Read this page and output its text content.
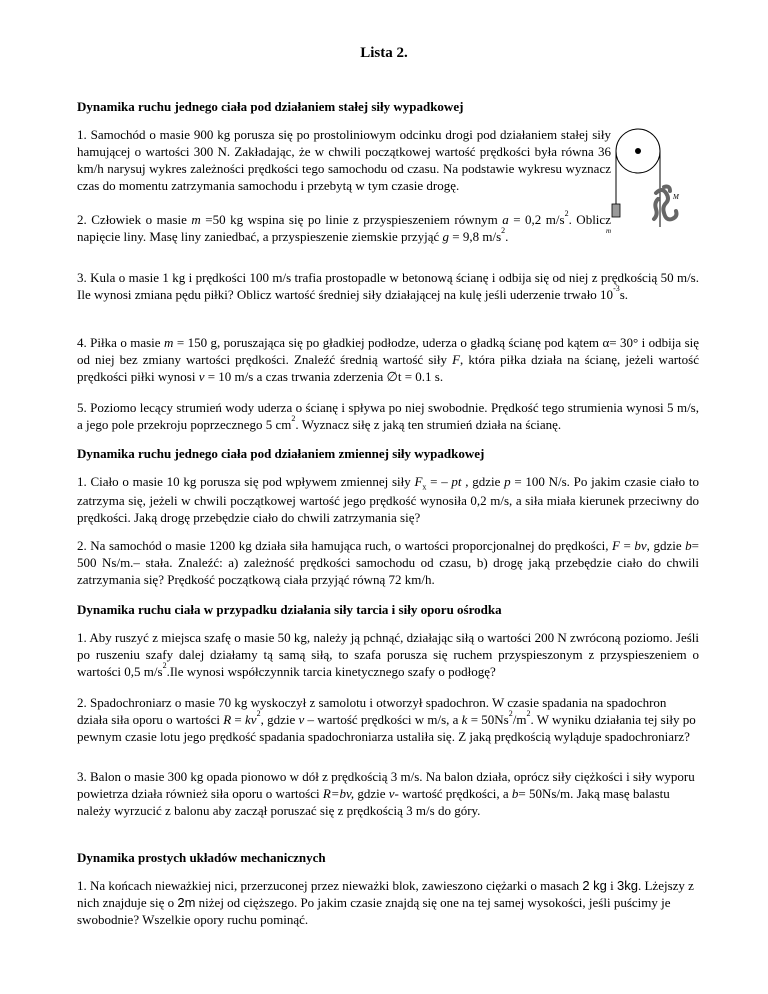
Lista 2.
Dynamika ruchu jednego ciała pod działaniem stałej siły wypadkowej
1. Samochód o masie 900 kg porusza się po prostoliniowym odcinku drogi pod działaniem stałej siły hamującej o wartości 300 N. Zakładając, że w chwili początkowej wartość prędkości była równa 36 km/h narysuj wykres zależności prędkości tego samochodu od czasu. Na podstawie wykresu wyznacz czas do momentu zatrzymania samochodu i przebytą w tym czasie drogę.
m
M
2. Człowiek o masie m =50 kg wspina się po linie z przyspieszeniem równym a = 0,2 $m/s^2$. Oblicz napięcie liny. Masę liny zaniedbać, a przyspieszenie ziemskie przyjąć g = 9,8 $m/s^2$.
3. Kula o masie 1 kg i prędkości 100 m/s trafia prostopadle w betonową ścianę i odbija się od niej z prędkością 50 m/s. Ile wynosi zmiana pędu piłki? Oblicz wartość średniej siły działającej na kulę jeśli uderzenie trwało $10^{-3}s$.
4. Piłka o masie m = 150 g, poruszająca się po gładkiej podłodze, uderza o gładką ścianę pod kątem α= 30° i odbija się od niej bez zmiany wartości prędkości. Znaleźć średnią wartość siły F, która piłka działa na ścianę, jeżeli wartość prędkości piłki wynosi v = 10 m/s a czas trwania zderzenia ∅t = 0.1 s.
5. Poziomo lecący strumień wody uderza o ścianę i spływa po niej swobodnie. Prędkość tego strumienia wynosi 5 m/s, a jego pole przekroju poprzecznego 5 $cm^2$. Wyznacz siłę z jaką ten strumień działa na ścianę.
Dynamika ruchu jednego ciała pod działaniem zmiennej siły wypadkowej
1. Ciało o masie 10 kg porusza się pod wpływem zmiennej siły $F_x$ = – pt , gdzie p = 100 N/s. Po jakim czasie ciało to zatrzyma się, jeżeli w chwili początkowej wartość jego prędkość wynosiła 0,2 m/s, a siła miała kierunek przeciwny do prędkości. Jaką drogę przebędzie ciało do chwili zatrzymania się?
2. Na samochód o masie 1200 kg działa siła hamująca ruch, o wartości proporcjonalnej do prędkości, F = bv, gdzie b= 500 Ns/m.– stała. Znaleźć: a) zależność prędkości samochodu od czasu, b) drogę jaką przebędzie ciało do chwili zatrzymania się? Prędkość początkową ciała przyjąć równą 72 km/h.
Dynamika ruchu ciała w przypadku działania siły tarcia i siły oporu ośrodka
1. Aby ruszyć z miejsca szafę o masie 50 kg, należy ją pchnąć, działając siłą o wartości 200 N zwróconą poziomo. Jeśli po ruszeniu szafy dalej działamy tą samą siłą, to szafa porusza się ruchem przyspieszonym z przyspieszeniem o wartości 0,5 $m/s^2.Ile$ wynosi współczynnik tarcia kinetycznego szafy o podłogę?
2. Spadochroniarz o masie 70 kg wyskoczył z samolotu i otworzył spadochron. W czasie spadania na spadochron działa siła oporu o wartości $R = kv^2$, gdzie v – wartość prędkości w m/s, a $k = 50Ns^2/m^2$. W wyniku działania tej siły po pewnym czasie lotu jego prędkość spadania spadochroniarza ustaliła się. Z jaką prędkością wyląduje spadochroniarz?
3. Balon o masie 300 kg opada pionowo w dół z prędkością 3 m/s. Na balon działa, oprócz siły ciężkości i siły wyporu powietrza działa również siła oporu o wartości R=bv, gdzie v- wartość prędkości, a b= 50Ns/m. Jaką masę balastu należy wyrzucić z balonu aby zaczął poruszać się z prędkością 3 m/s do góry.
Dynamika prostych układów mechanicznych
1. Na końcach nieważkiej nici, przerzuconej przez nieważki blok, zawieszono ciężarki o masach 2 kg i 3kg. Lżejszy z nich znajduje się o 2m niżej od cięższego. Po jakim czasie znajdą się one na tej samej wysokości, jeśli puścimy je swobodnie? Wszelkie opory ruchu pominąć.
